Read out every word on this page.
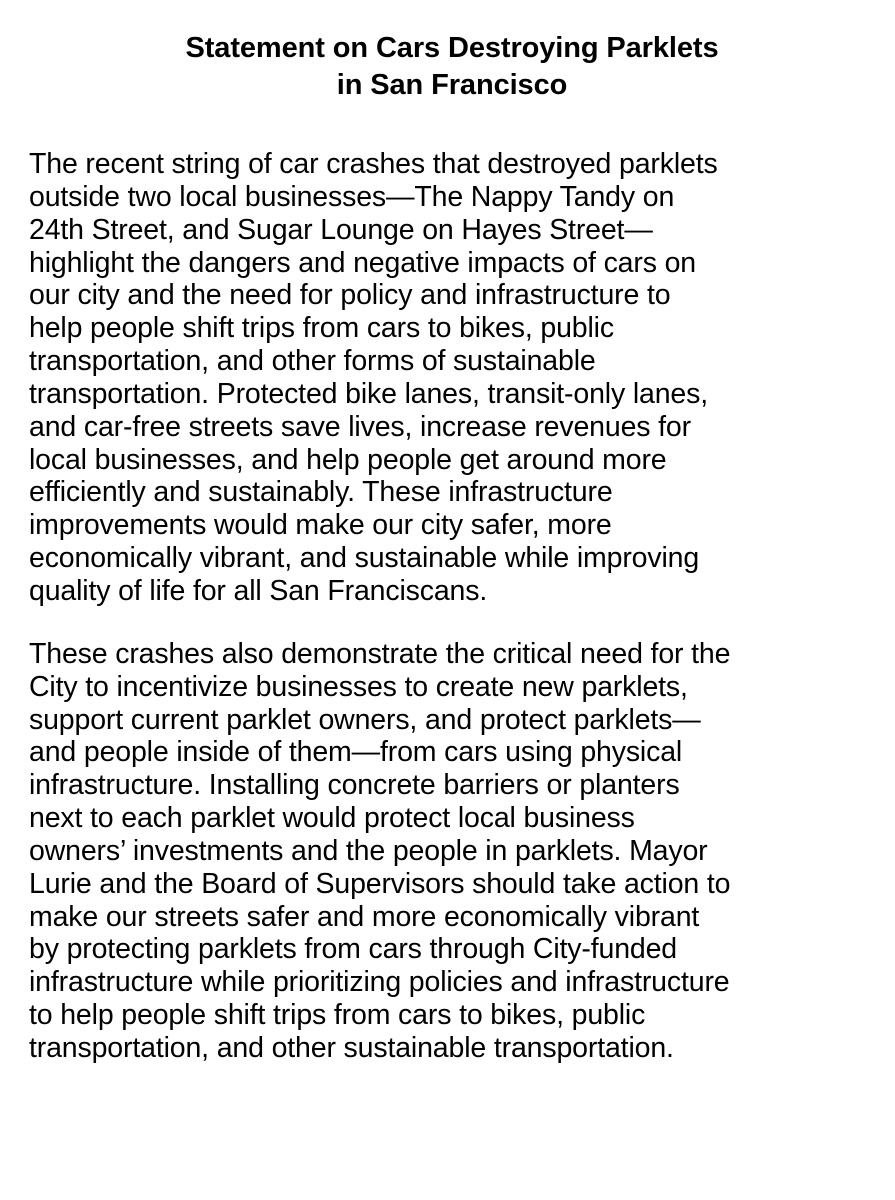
Statement on Cars Destroying Parklets
in San Francisco

The recent string of car crashes that destroyed parklets
outside two local businesses—The Nappy Tandy on
24th Street, and Sugar Lounge on Hayes Street—
highlight the dangers and negative impacts of cars on
our city and the need for policy and infrastructure to
help people shift trips from cars to bikes, public
transportation, and other forms of sustainable
transportation. Protected bike lanes, transit-only lanes,
and car-free streets save lives, increase revenues for
local businesses, and help people get around more
efficiently and sustainably. These infrastructure
improvements would make our city safer, more
economically vibrant, and sustainable while improving
quality of life for all San Franciscans.

These crashes also demonstrate the critical need for the
City to incentivize businesses to create new parklets,
support current parklet owners, and protect parklets—
and people inside of them—from cars using physical
infrastructure. Installing concrete barriers or planters
next to each parklet would protect local business
owners’ investments and the people in parklets. Mayor
Lurie and the Board of Supervisors should take action to
make our streets safer and more economically vibrant
by protecting parklets from cars through City-funded
infrastructure while prioritizing policies and infrastructure
to help people shift trips from cars to bikes, public
transportation, and other sustainable transportation.
